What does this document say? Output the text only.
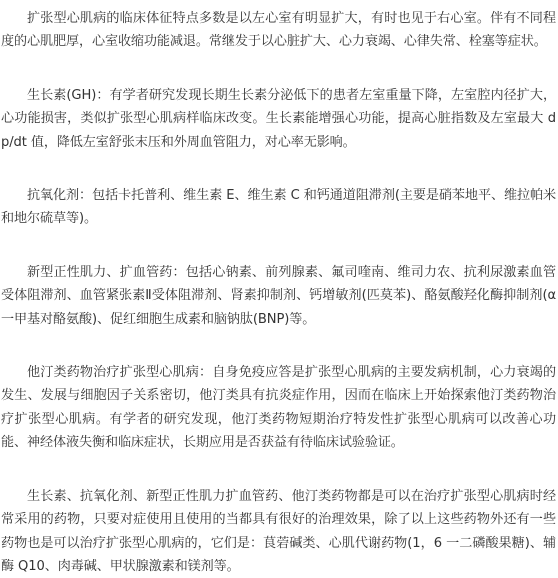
扩张型心肌病的临床体征特点多数是以左心室有明显扩大，有时也见于右心室。伴有不同程度的心肌肥厚，心室收缩功能减退。常继发于以心脏扩大、心力衰竭、心律失常、栓塞等症状。

生长素(GH)：有学者研究发现长期生长素分泌低下的患者左室重量下降，左室腔内径扩大，心功能损害，类似扩张型心肌病样临床改变。生长素能增强心功能，提高心脏指数及左室最大 dp/dt 值，降低左室舒张末压和外周血管阻力，对心率无影响。

抗氧化剂：包括卡托普利、维生素 E、维生素 C 和钙通道阻滞剂(主要是硝苯地平、维拉帕米和地尔硫草等)。

新型正性肌力、扩血管药：包括心钠素、前列腺素、氟司喹南、维司力农、抗利尿激素血管受体阻滞剂、血管紧张素Ⅱ受体阻滞剂、肾素抑制剂、钙增敏剂(匹莫苯)、酪氨酸羟化酶抑制剂(α一甲基对酪氨酸)、促红细胞生成素和脑钠肽(BNP)等。

他汀类药物治疗扩张型心肌病：自身免疫应答是扩张型心肌病的主要发病机制，心力衰竭的发生、发展与细胞因子关系密切，他汀类具有抗炎症作用，因而在临床上开始探索他汀类药物治疗扩张型心肌病。有学者的研究发现，他汀类药物短期治疗特发性扩张型心肌病可以改善心功能、神经体液失衡和临床症状，长期应用是否获益有待临床试验验证。

生长素、抗氧化剂、新型正性肌力扩血管药、他汀类药物都是可以在治疗扩张型心肌病时经常采用的药物，只要对症使用且使用的当都具有很好的治理效果，除了以上这些药物外还有一些药物也是可以治疗扩张型心肌病的，它们是：茛菪碱类、心肌代谢药物(1，6 一二磷酸果糖)、辅酶 Q10、肉毒碱、甲状腺激素和镁剂等。
